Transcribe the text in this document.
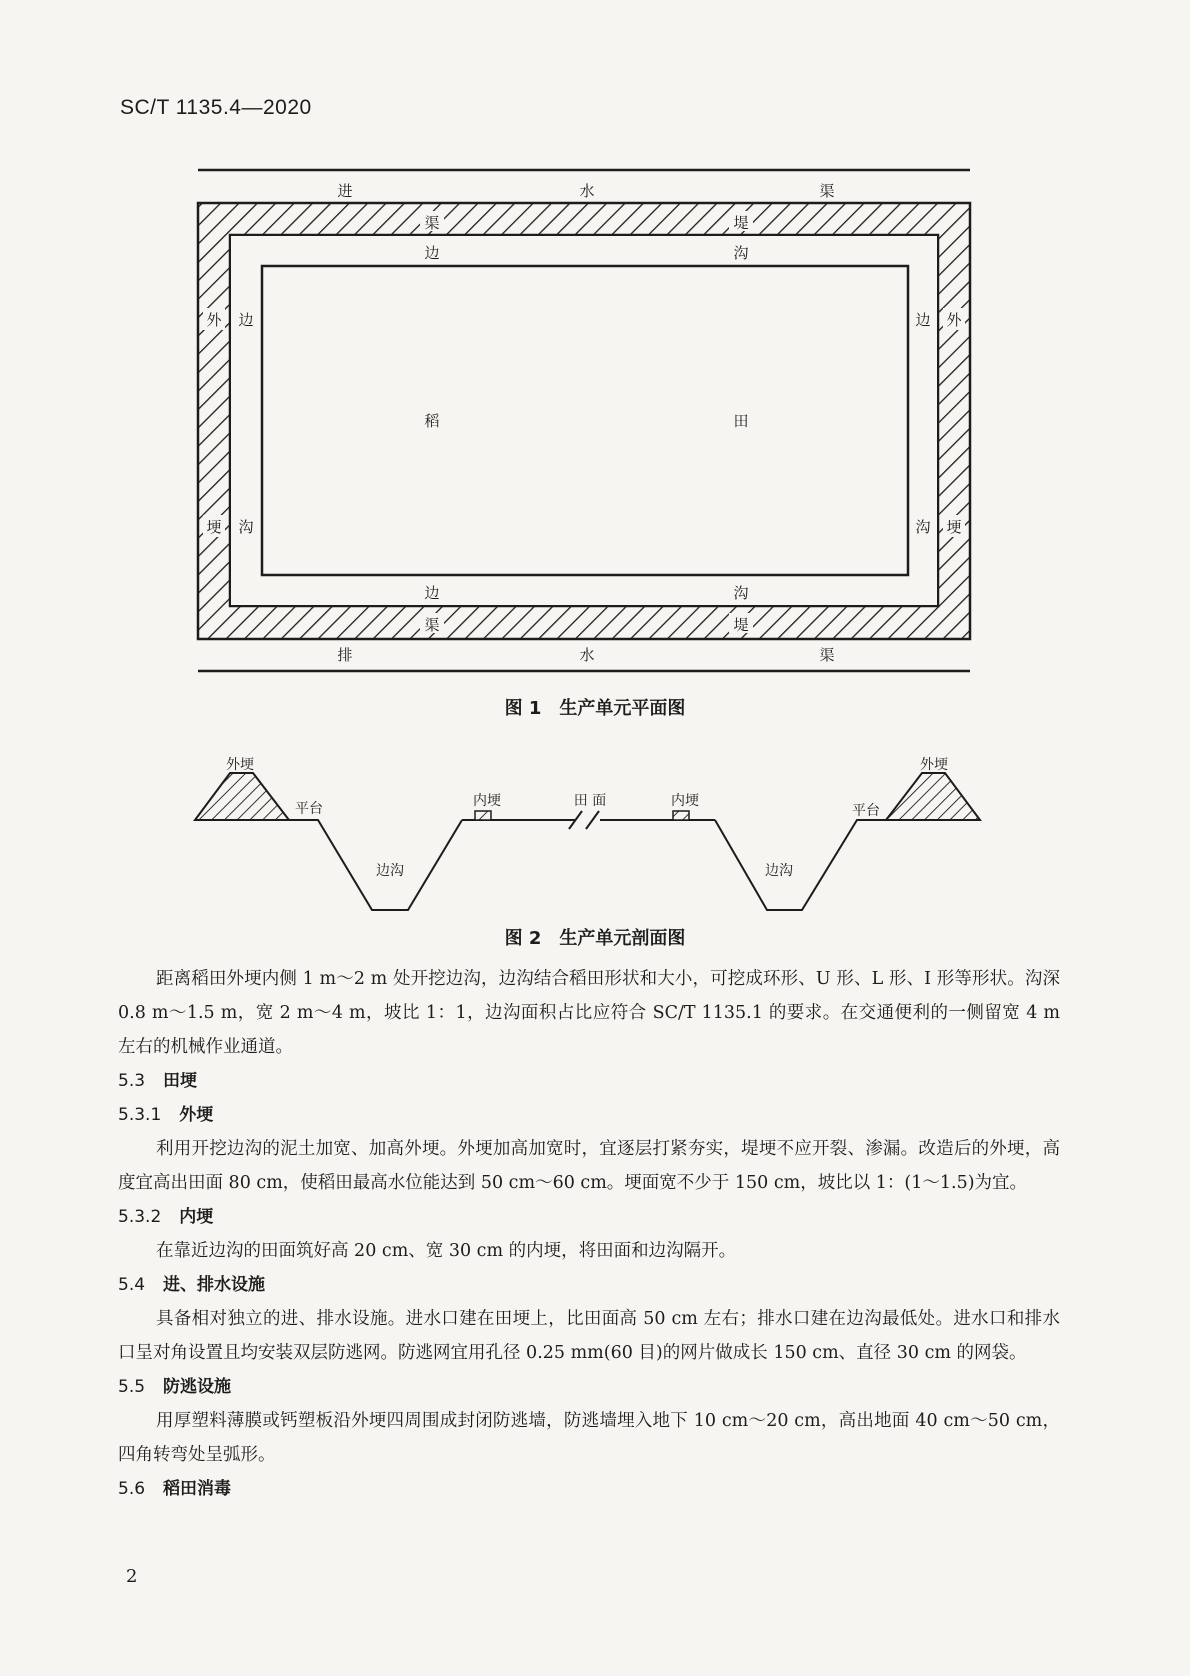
SC/T 1135.4—2020
进	水	渠
渠	堤
边	沟
外
埂
边
沟
外
埂
边
沟
稻	田
边	沟
渠	堤
排	水	渠
图 1　生产单元平面图
外埂
平台
边沟
内埂	田 面	内埂
边沟
平台
外埂
图 2　生产单元剖面图

距离稻田外埂内侧 1 m～2 m 处开挖边沟，边沟结合稻田形状和大小，可挖成环形、U 形、L 形、I 形等形状。沟深 0.8 m～1.5 m，宽 2 m～4 m，坡比 1：1，边沟面积占比应符合 SC/T 1135.1 的要求。在交通便利的一侧留宽 4 m 左右的机械作业通道。

5.3 田埂

5.3.1 外埂

利用开挖边沟的泥土加宽、加高外埂。外埂加高加宽时，宜逐层打紧夯实，堤埂不应开裂、渗漏。改造后的外埂，高度宜高出田面 80 cm，使稻田最高水位能达到 50 cm～60 cm。埂面宽不少于 150 cm，坡比以 1：(1～1.5)为宜。

5.3.2 内埂

在靠近边沟的田面筑好高 20 cm、宽 30 cm 的内埂，将田面和边沟隔开。

5.4 进、排水设施

具备相对独立的进、排水设施。进水口建在田埂上，比田面高 50 cm 左右；排水口建在边沟最低处。进水口和排水口呈对角设置且均安装双层防逃网。防逃网宜用孔径 0.25 mm(60 目)的网片做成长 150 cm、直径 30 cm 的网袋。

5.5 防逃设施

用厚塑料薄膜或钙塑板沿外埂四周围成封闭防逃墙，防逃墙埋入地下 10 cm～20 cm，高出地面 40 cm～50 cm，四角转弯处呈弧形。

5.6 稻田消毒

2
